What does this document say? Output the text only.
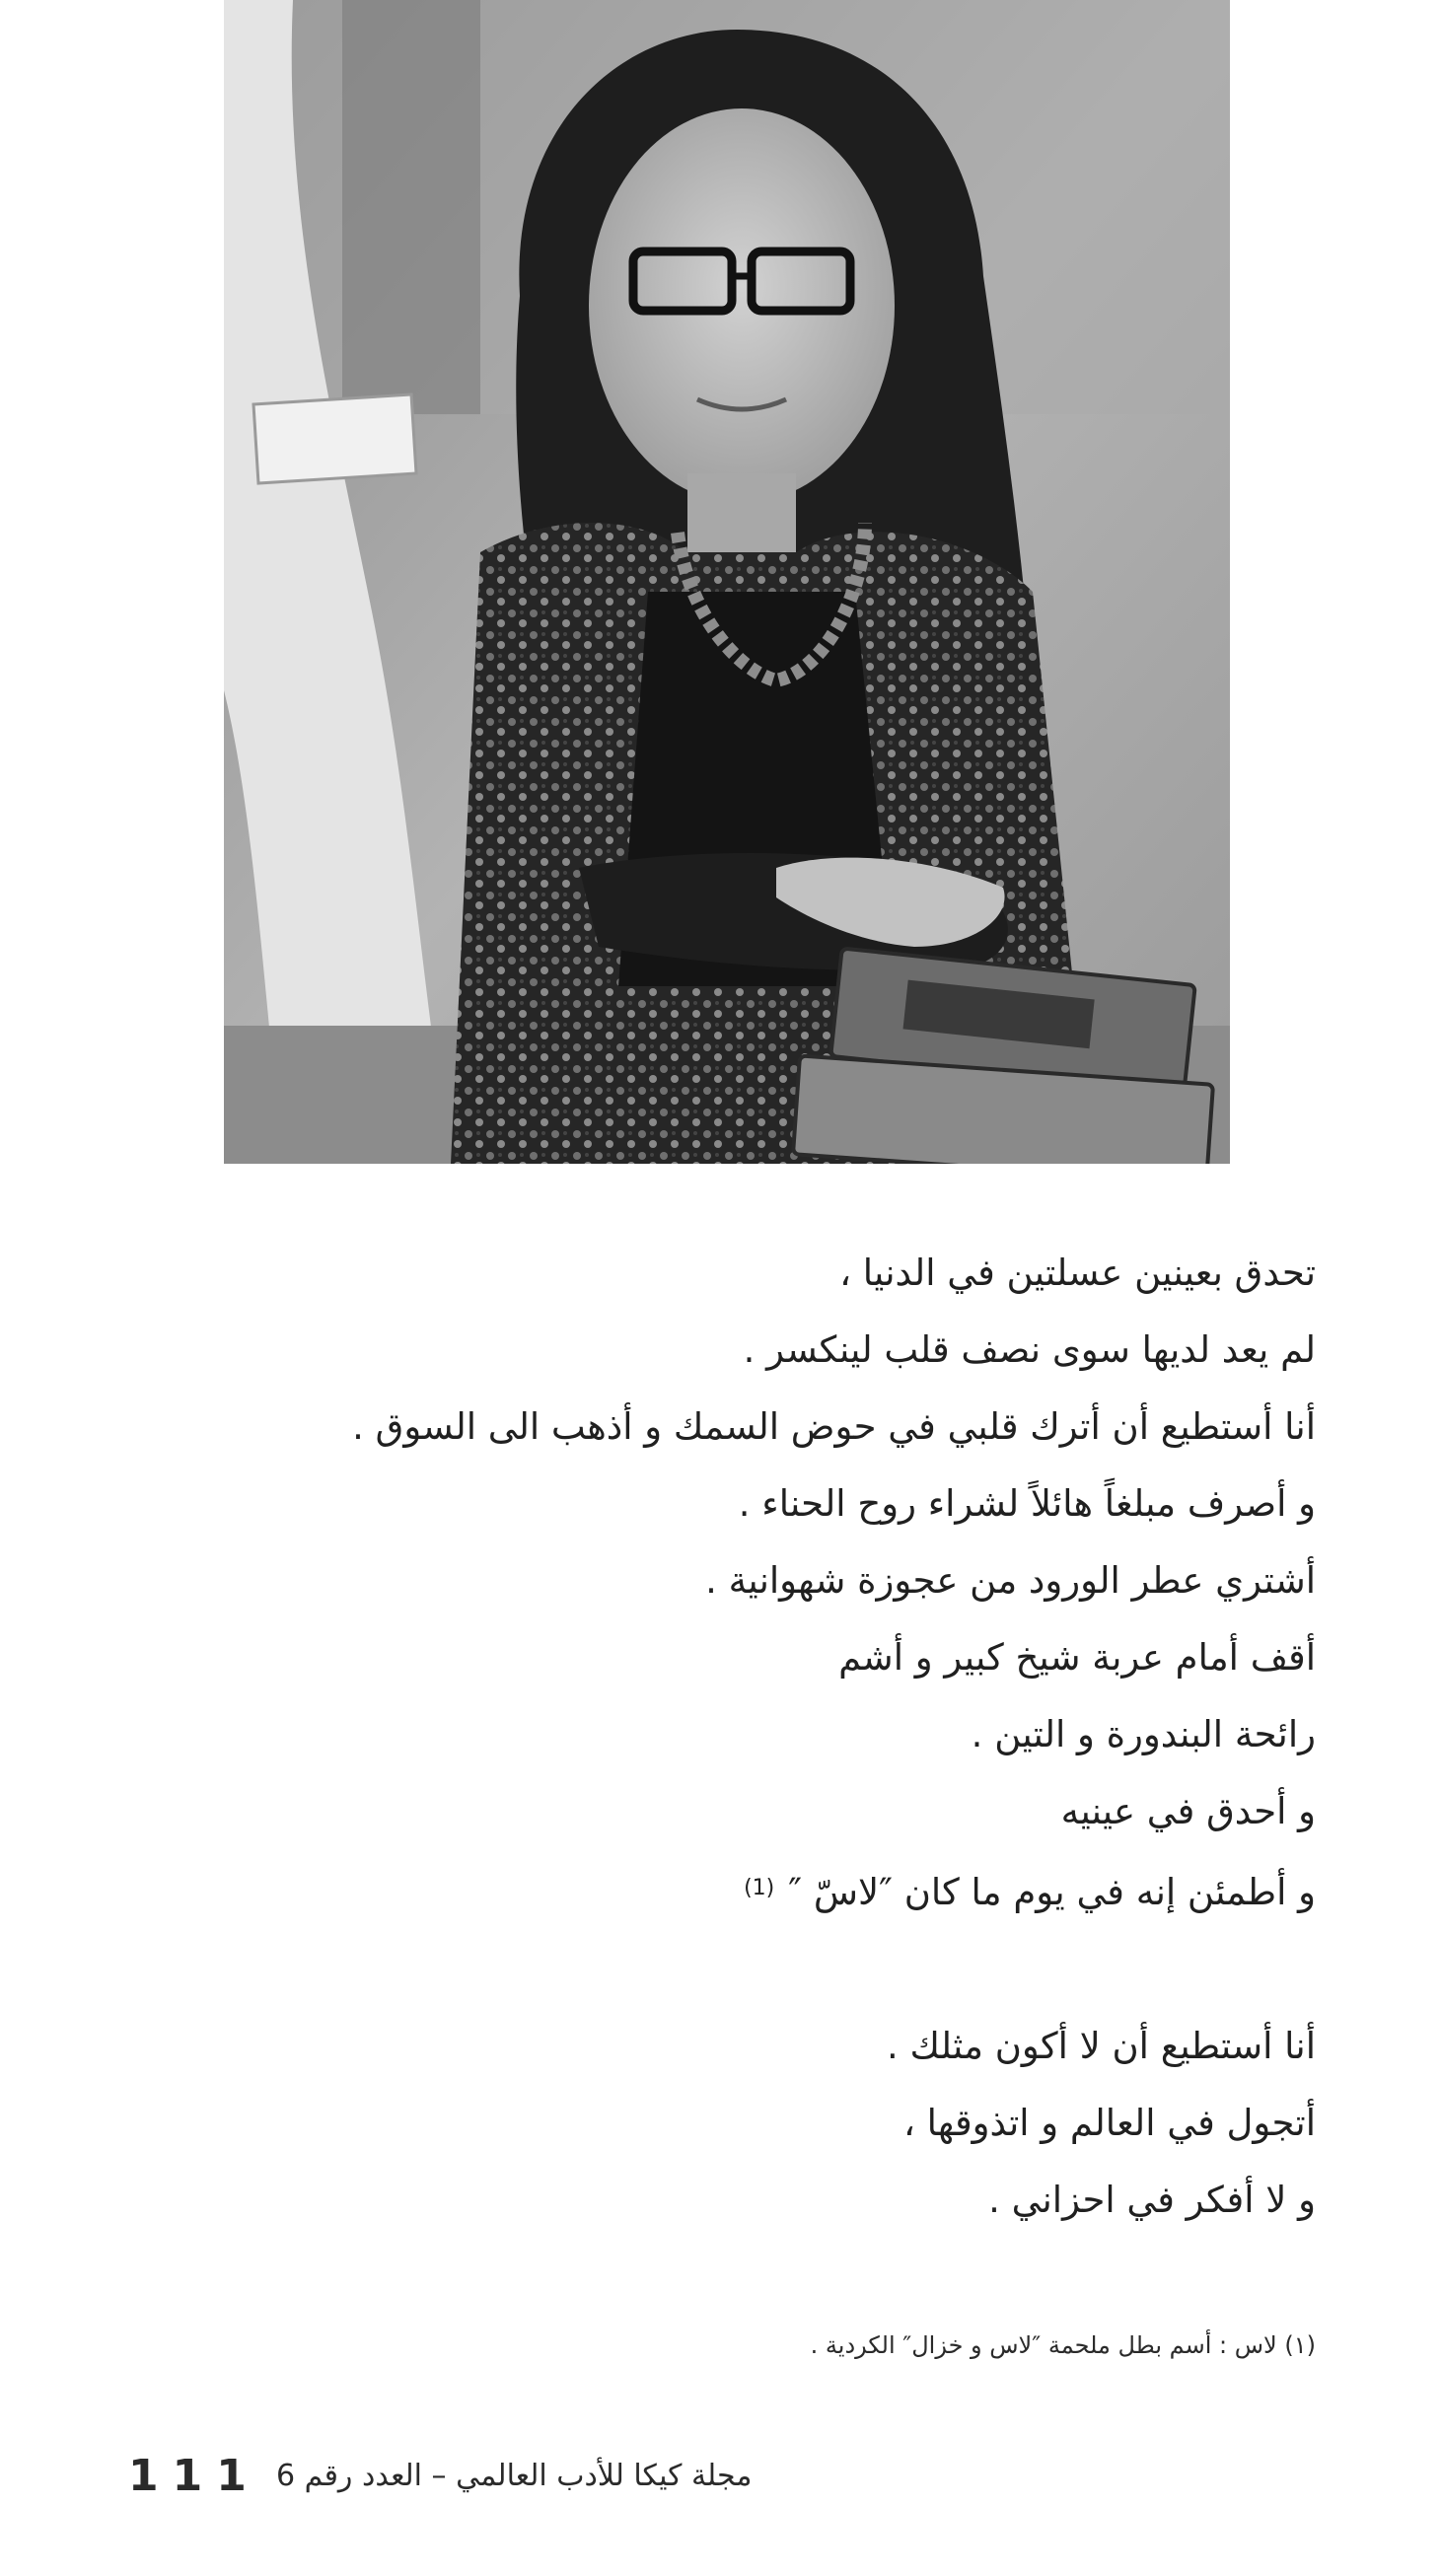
تحدق بعينين عسلتين في الدنيا ،
لم يعد لديها سوى نصف قلب لينكسر .
أنا أستطيع أن أترك قلبي في حوض السمك و أذهب الى السوق .
و أصرف مبلغاً هائلاً لشراء روح الحناء .
أشتري عطر الورود من عجوزة شهوانية .
أقف أمام عربة شيخ كبير و أشم
رائحة البندورة و التين .
و أحدق في عينيه
و أطمئن إنه في يوم ما كان ″لاسّ ″$^{(1)}$
أنا أستطيع أن لا أكون مثلك .
أتجول في العالم و اتذوقها ،
و لا أفكر في احزاني .
(١) لاس : أسم بطل ملحمة ″لاس و خزال″ الكردية .
111 مجلة كيكا للأدب العالمي – العدد رقم 6
